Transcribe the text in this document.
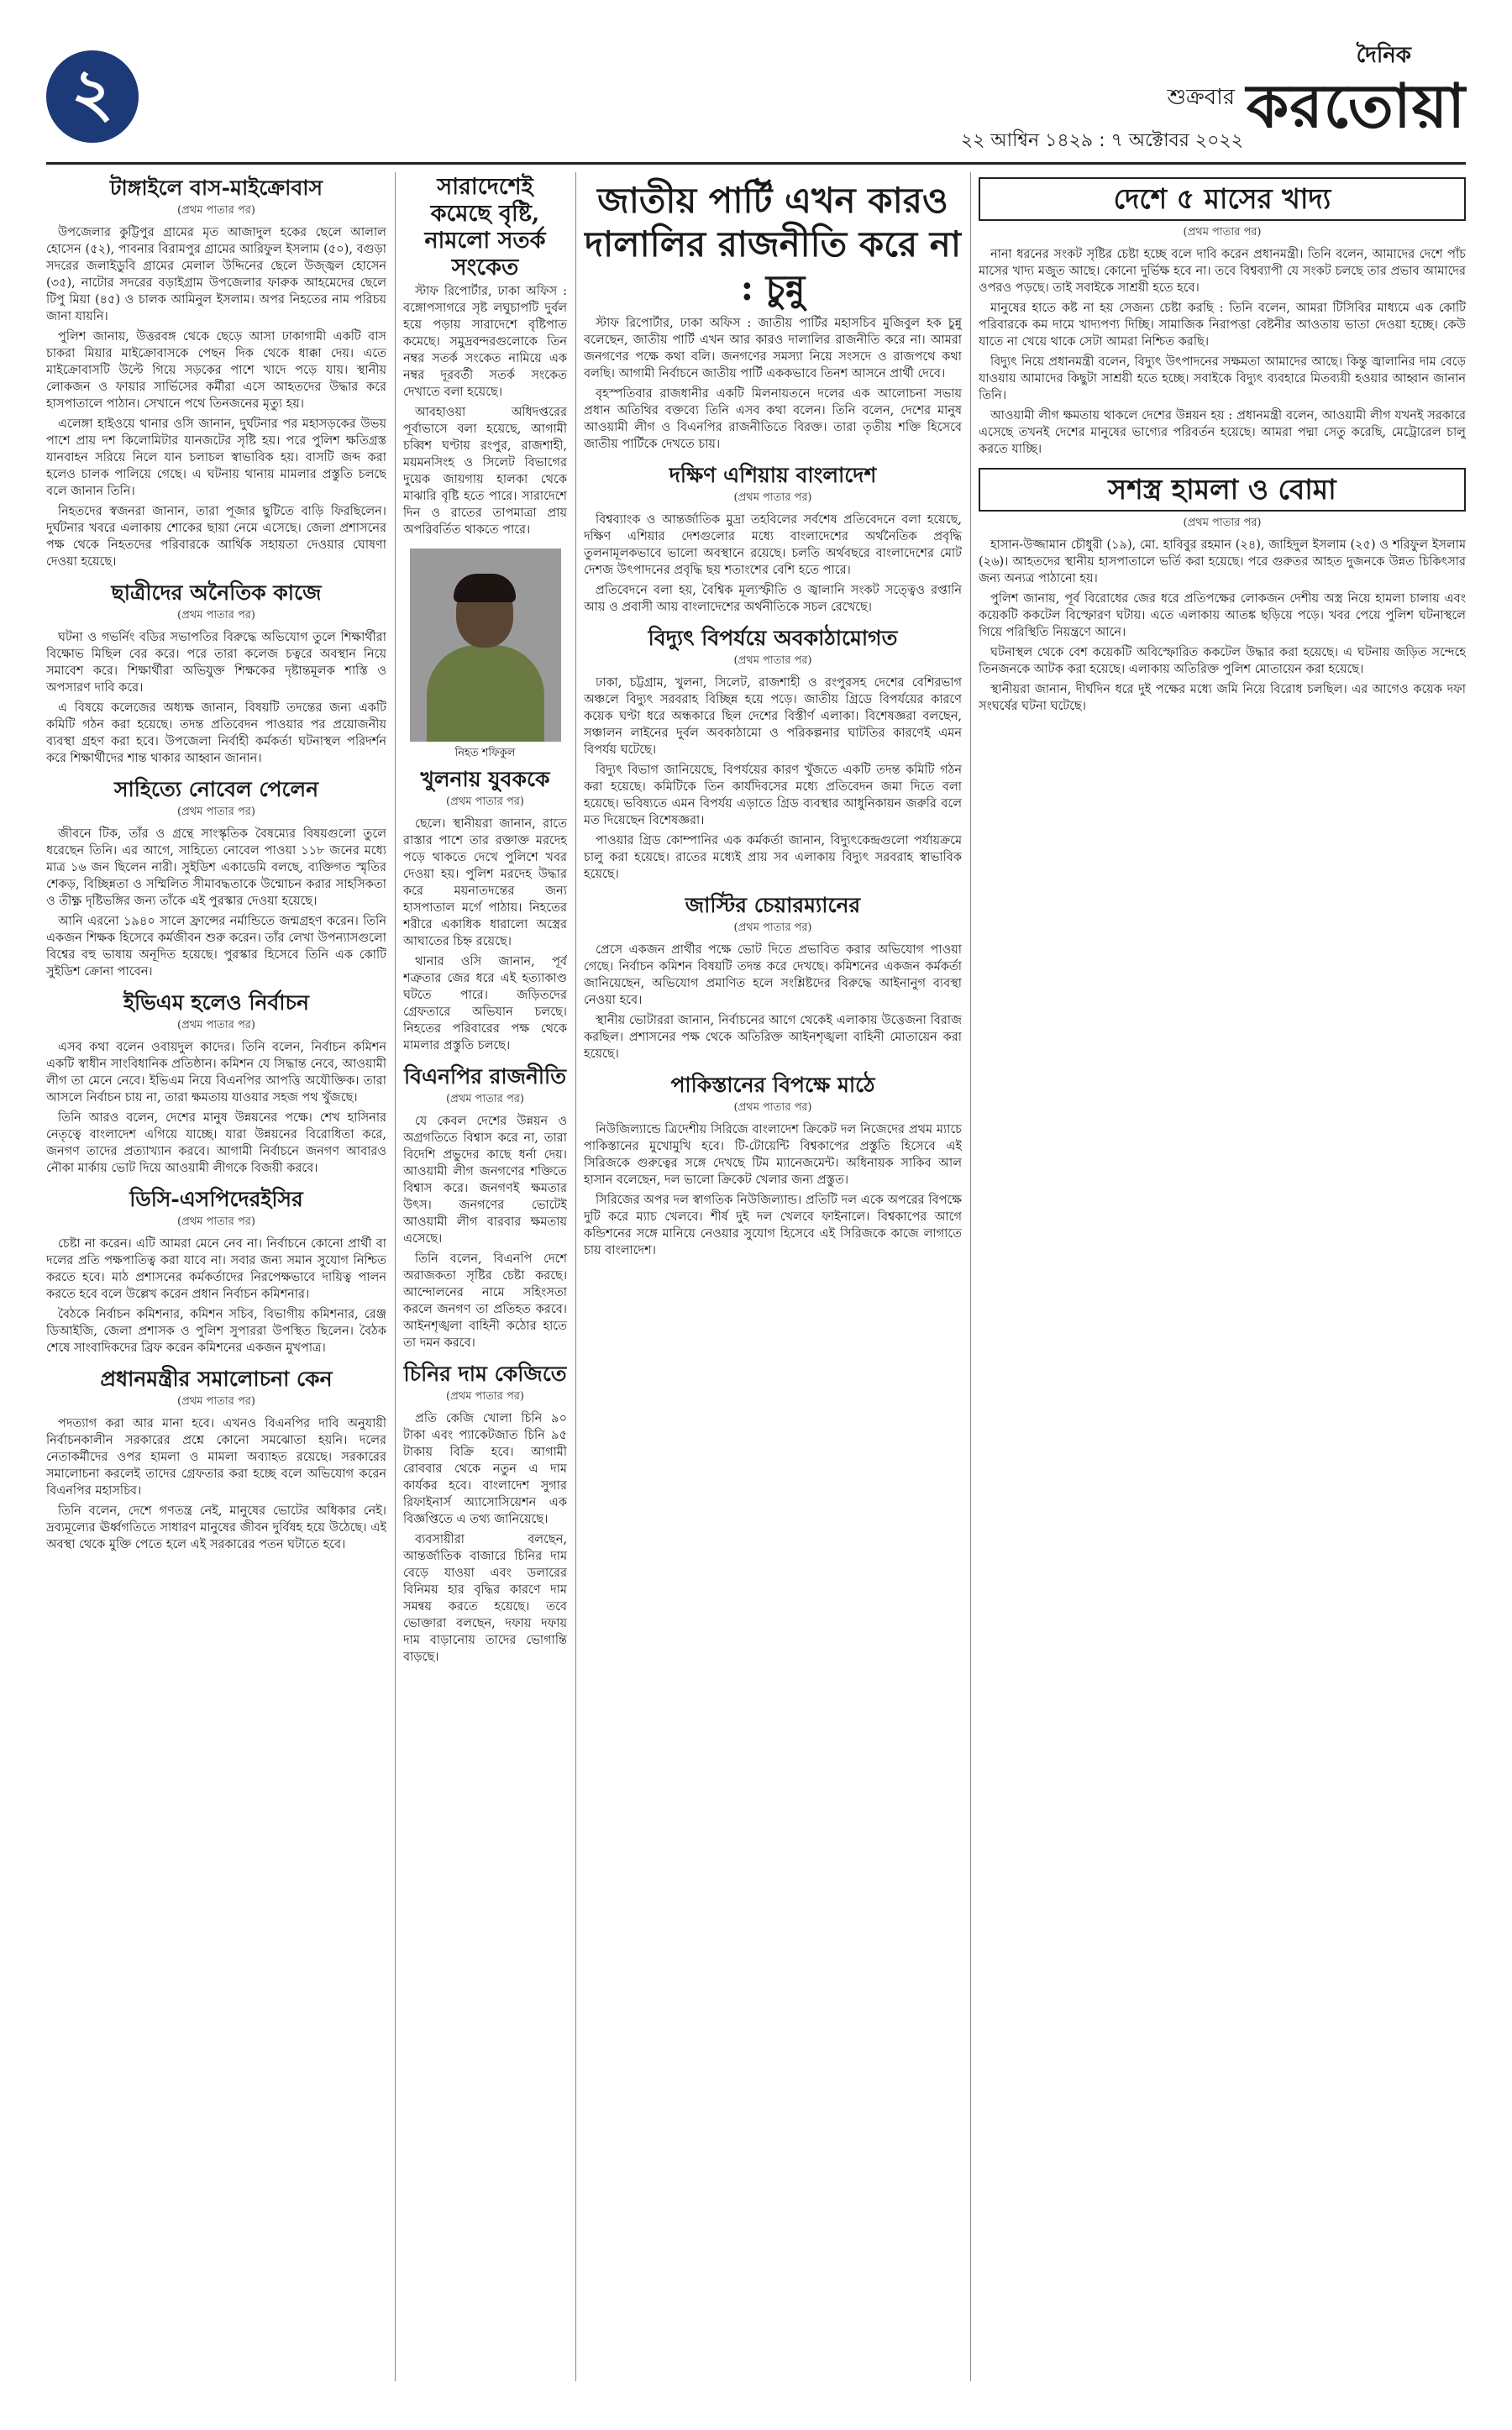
২	শুক্রবার
২২ আশ্বিন ১৪২৯ : ৭ অক্টোবর ২০২২
দৈনিক
করতোয়া
টাঙ্গাইলে বাস-মাইক্রোবাস
(প্রথম পাতার পর)

উপজেলার কুট্টিপুর গ্রামের মৃত আজাদুল হকের ছেলে আলাল হোসেন (৫২), পাবনার বিরামপুর গ্রামের আরিফুল ইসলাম (৫০), বগুড়া সদরের জলাইডুবি গ্রামের মেলাল উদ্দিনের ছেলে উজ্জ্বল হোসেন (৩৫), নাটোর সদরের বড়াইগ্রাম উপজেলার ফারুক আহমেদের ছেলে টিপু মিয়া (৪৫) ও চালক আমিনুল ইসলাম। অপর নিহতের নাম পরিচয় জানা যায়নি।

পুলিশ জানায়, উত্তরবঙ্গ থেকে ছেড়ে আসা ঢাকাগামী একটি বাস চাকরা মিয়ার মাইক্রোবাসকে পেছন দিক থেকে ধাক্কা দেয়। এতে মাইক্রোবাসটি উল্টে গিয়ে সড়কের পাশে খাদে পড়ে যায়। স্থানীয় লোকজন ও ফায়ার সার্ভিসের কর্মীরা এসে আহতদের উদ্ধার করে হাসপাতালে পাঠান। সেখানে পথে তিনজনের মৃত্যু হয়।

এলেঙ্গা হাইওয়ে থানার ওসি জানান, দুর্ঘটনার পর মহাসড়কের উভয় পাশে প্রায় দশ কিলোমিটার যানজটের সৃষ্টি হয়। পরে পুলিশ ক্ষতিগ্রস্ত যানবাহন সরিয়ে নিলে যান চলাচল স্বাভাবিক হয়। বাসটি জব্দ করা হলেও চালক পালিয়ে গেছে। এ ঘটনায় থানায় মামলার প্রস্তুতি চলছে বলে জানান তিনি।

নিহতদের স্বজনরা জানান, তারা পূজার ছুটিতে বাড়ি ফিরছিলেন। দুর্ঘটনার খবরে এলাকায় শোকের ছায়া নেমে এসেছে। জেলা প্রশাসনের পক্ষ থেকে নিহতদের পরিবারকে আর্থিক সহায়তা দেওয়ার ঘোষণা দেওয়া হয়েছে।

ছাত্রীদের অনৈতিক কাজে
(প্রথম পাতার পর)

ঘটনা ও গভর্নিং বডির সভাপতির বিরুদ্ধে অভিযোগ তুলে শিক্ষার্থীরা বিক্ষোভ মিছিল বের করে। পরে তারা কলেজ চত্বরে অবস্থান নিয়ে সমাবেশ করে। শিক্ষার্থীরা অভিযুক্ত শিক্ষকের দৃষ্টান্তমূলক শাস্তি ও অপসারণ দাবি করে।

এ বিষয়ে কলেজের অধ্যক্ষ জানান, বিষয়টি তদন্তের জন্য একটি কমিটি গঠন করা হয়েছে। তদন্ত প্রতিবেদন পাওয়ার পর প্রয়োজনীয় ব্যবস্থা গ্রহণ করা হবে। উপজেলা নির্বাহী কর্মকর্তা ঘটনাস্থল পরিদর্শন করে শিক্ষার্থীদের শান্ত থাকার আহ্বান জানান।

সাহিত্যে নোবেল পেলেন
(প্রথম পাতার পর)

জীবনে টিক, তাঁর ও গ্রন্থে সাংস্কৃতিক বৈষম্যের বিষয়গুলো তুলে ধরেছেন তিনি। এর আগে, সাহিত্যে নোবেল পাওয়া ১১৮ জনের মধ্যে মাত্র ১৬ জন ছিলেন নারী। সুইডিশ একাডেমি বলছে, ব্যক্তিগত স্মৃতির শেকড়, বিচ্ছিন্নতা ও সম্মিলিত সীমাবদ্ধতাকে উন্মোচন করার সাহসিকতা ও তীক্ষ্ণ দৃষ্টিভঙ্গির জন্য তাঁকে এই পুরস্কার দেওয়া হয়েছে।

আনি এরনো ১৯৪০ সালে ফ্রান্সের নর্মান্ডিতে জন্মগ্রহণ করেন। তিনি একজন শিক্ষক হিসেবে কর্মজীবন শুরু করেন। তাঁর লেখা উপন্যাসগুলো বিশ্বের বহু ভাষায় অনূদিত হয়েছে। পুরস্কার হিসেবে তিনি এক কোটি সুইডিশ ক্রোনা পাবেন।

ইভিএম হলেও নির্বাচন
(প্রথম পাতার পর)

এসব কথা বলেন ওবায়দুল কাদের। তিনি বলেন, নির্বাচন কমিশন একটি স্বাধীন সাংবিধানিক প্রতিষ্ঠান। কমিশন যে সিদ্ধান্ত নেবে, আওয়ামী লীগ তা মেনে নেবে। ইভিএম নিয়ে বিএনপির আপত্তি অযৌক্তিক। তারা আসলে নির্বাচন চায় না, তারা ক্ষমতায় যাওয়ার সহজ পথ খুঁজছে।

তিনি আরও বলেন, দেশের মানুষ উন্নয়নের পক্ষে। শেখ হাসিনার নেতৃত্বে বাংলাদেশ এগিয়ে যাচ্ছে। যারা উন্নয়নের বিরোধিতা করে, জনগণ তাদের প্রত্যাখ্যান করবে। আগামী নির্বাচনে জনগণ আবারও নৌকা মার্কায় ভোট দিয়ে আওয়ামী লীগকে বিজয়ী করবে।

ডিসি-এসপিদেরইসির
(প্রথম পাতার পর)

চেষ্টা না করেন। এটি আমরা মেনে নেব না। নির্বাচনে কোনো প্রার্থী বা দলের প্রতি পক্ষপাতিত্ব করা যাবে না। সবার জন্য সমান সুযোগ নিশ্চিত করতে হবে। মাঠ প্রশাসনের কর্মকর্তাদের নিরপেক্ষভাবে দায়িত্ব পালন করতে হবে বলে উল্লেখ করেন প্রধান নির্বাচন কমিশনার।

বৈঠকে নির্বাচন কমিশনার, কমিশন সচিব, বিভাগীয় কমিশনার, রেঞ্জ ডিআইজি, জেলা প্রশাসক ও পুলিশ সুপাররা উপস্থিত ছিলেন। বৈঠক শেষে সাংবাদিকদের ব্রিফ করেন কমিশনের একজন মুখপাত্র।

প্রধানমন্ত্রীর সমালোচনা কেন
(প্রথম পাতার পর)

পদত্যাগ করা আর মানা হবে। এখনও বিএনপির দাবি অনুযায়ী নির্বাচনকালীন সরকারের প্রশ্নে কোনো সমঝোতা হয়নি। দলের নেতাকর্মীদের ওপর হামলা ও মামলা অব্যাহত রয়েছে। সরকারের সমালোচনা করলেই তাদের গ্রেফতার করা হচ্ছে বলে অভিযোগ করেন বিএনপির মহাসচিব।

তিনি বলেন, দেশে গণতন্ত্র নেই, মানুষের ভোটের অধিকার নেই। দ্রব্যমূল্যের ঊর্ধ্বগতিতে সাধারণ মানুষের জীবন দুর্বিষহ হয়ে উঠেছে। এই অবস্থা থেকে মুক্তি পেতে হলে এই সরকারের পতন ঘটাতে হবে।

সারাদেশেই কমেছে বৃষ্টি, নামলো সতর্ক সংকেত

স্টাফ রিপোর্টার, ঢাকা অফিস : বঙ্গোপসাগরে সৃষ্ট লঘুচাপটি দুর্বল হয়ে পড়ায় সারাদেশে বৃষ্টিপাত কমেছে। সমুদ্রবন্দরগুলোকে তিন নম্বর সতর্ক সংকেত নামিয়ে এক নম্বর দূরবর্তী সতর্ক সংকেত দেখাতে বলা হয়েছে।

আবহাওয়া অধিদপ্তরের পূর্বাভাসে বলা হয়েছে, আগামী চব্বিশ ঘণ্টায় রংপুর, রাজশাহী, ময়মনসিংহ ও সিলেট বিভাগের দুয়েক জায়গায় হালকা থেকে মাঝারি বৃষ্টি হতে পারে। সারাদেশে দিন ও রাতের তাপমাত্রা প্রায় অপরিবর্তিত থাকতে পারে।

নিহত শফিকুল
খুলনায় যুবককে
(প্রথম পাতার পর)

ছেলে। স্থানীয়রা জানান, রাতে রাস্তার পাশে তার রক্তাক্ত মরদেহ পড়ে থাকতে দেখে পুলিশে খবর দেওয়া হয়। পুলিশ মরদেহ উদ্ধার করে ময়নাতদন্তের জন্য হাসপাতাল মর্গে পাঠায়। নিহতের শরীরে একাধিক ধারালো অস্ত্রের আঘাতের চিহ্ন রয়েছে।

থানার ওসি জানান, পূর্ব শত্রুতার জের ধরে এই হত্যাকাণ্ড ঘটতে পারে। জড়িতদের গ্রেফতারে অভিযান চলছে। নিহতের পরিবারের পক্ষ থেকে মামলার প্রস্তুতি চলছে।

বিএনপির রাজনীতি
(প্রথম পাতার পর)

যে কেবল দেশের উন্নয়ন ও অগ্রগতিতে বিশ্বাস করে না, তারা বিদেশি প্রভুদের কাছে ধর্না দেয়। আওয়ামী লীগ জনগণের শক্তিতে বিশ্বাস করে। জনগণই ক্ষমতার উৎস। জনগণের ভোটেই আওয়ামী লীগ বারবার ক্ষমতায় এসেছে।

তিনি বলেন, বিএনপি দেশে অরাজকতা সৃষ্টির চেষ্টা করছে। আন্দোলনের নামে সহিংসতা করলে জনগণ তা প্রতিহত করবে। আইনশৃঙ্খলা বাহিনী কঠোর হাতে তা দমন করবে।

চিনির দাম কেজিতে
(প্রথম পাতার পর)

প্রতি কেজি খোলা চিনি ৯০ টাকা এবং প্যাকেটজাত চিনি ৯৫ টাকায় বিক্রি হবে। আগামী রোববার থেকে নতুন এ দাম কার্যকর হবে। বাংলাদেশ সুগার রিফাইনার্স অ্যাসোসিয়েশন এক বিজ্ঞপ্তিতে এ তথ্য জানিয়েছে।

ব্যবসায়ীরা বলছেন, আন্তর্জাতিক বাজারে চিনির দাম বেড়ে যাওয়া এবং ডলারের বিনিময় হার বৃদ্ধির কারণে দাম সমন্বয় করতে হয়েছে। তবে ভোক্তারা বলছেন, দফায় দফায় দাম বাড়ানোয় তাদের ভোগান্তি বাড়ছে।

জাতীয় পার্টি এখন কারও দালালির রাজনীতি করে না : চুন্নু

স্টাফ রিপোর্টার, ঢাকা অফিস : জাতীয় পার্টির মহাসচিব মুজিবুল হক চুন্নু বলেছেন, জাতীয় পার্টি এখন আর কারও দালালির রাজনীতি করে না। আমরা জনগণের পক্ষে কথা বলি। জনগণের সমস্যা নিয়ে সংসদে ও রাজপথে কথা বলছি। আগামী নির্বাচনে জাতীয় পার্টি এককভাবে তিনশ আসনে প্রার্থী দেবে।

বৃহস্পতিবার রাজধানীর একটি মিলনায়তনে দলের এক আলোচনা সভায় প্রধান অতিথির বক্তব্যে তিনি এসব কথা বলেন। তিনি বলেন, দেশের মানুষ আওয়ামী লীগ ও বিএনপির রাজনীতিতে বিরক্ত। তারা তৃতীয় শক্তি হিসেবে জাতীয় পার্টিকে দেখতে চায়।

দক্ষিণ এশিয়ায় বাংলাদেশ
(প্রথম পাতার পর)

বিশ্বব্যাংক ও আন্তর্জাতিক মুদ্রা তহবিলের সর্বশেষ প্রতিবেদনে বলা হয়েছে, দক্ষিণ এশিয়ার দেশগুলোর মধ্যে বাংলাদেশের অর্থনৈতিক প্রবৃদ্ধি তুলনামূলকভাবে ভালো অবস্থানে রয়েছে। চলতি অর্থবছরে বাংলাদেশের মোট দেশজ উৎপাদনের প্রবৃদ্ধি ছয় শতাংশের বেশি হতে পারে।

প্রতিবেদনে বলা হয়, বৈশ্বিক মূল্যস্ফীতি ও জ্বালানি সংকট সত্ত্বেও রপ্তানি আয় ও প্রবাসী আয় বাংলাদেশের অর্থনীতিকে সচল রেখেছে।

বিদ্যুৎ বিপর্যয়ে অবকাঠামোগত
(প্রথম পাতার পর)

ঢাকা, চট্টগ্রাম, খুলনা, সিলেট, রাজশাহী ও রংপুরসহ দেশের বেশিরভাগ অঞ্চলে বিদ্যুৎ সরবরাহ বিচ্ছিন্ন হয়ে পড়ে। জাতীয় গ্রিডে বিপর্যয়ের কারণে কয়েক ঘণ্টা ধরে অন্ধকারে ছিল দেশের বিস্তীর্ণ এলাকা। বিশেষজ্ঞরা বলছেন, সঞ্চালন লাইনের দুর্বল অবকাঠামো ও পরিকল্পনার ঘাটতির কারণেই এমন বিপর্যয় ঘটেছে।

বিদ্যুৎ বিভাগ জানিয়েছে, বিপর্যয়ের কারণ খুঁজতে একটি তদন্ত কমিটি গঠন করা হয়েছে। কমিটিকে তিন কার্যদিবসের মধ্যে প্রতিবেদন জমা দিতে বলা হয়েছে। ভবিষ্যতে এমন বিপর্যয় এড়াতে গ্রিড ব্যবস্থার আধুনিকায়ন জরুরি বলে মত দিয়েছেন বিশেষজ্ঞরা।

পাওয়ার গ্রিড কোম্পানির এক কর্মকর্তা জানান, বিদ্যুৎকেন্দ্রগুলো পর্যায়ক্রমে চালু করা হয়েছে। রাতের মধ্যেই প্রায় সব এলাকায় বিদ্যুৎ সরবরাহ স্বাভাবিক হয়েছে।

জাস্টির চেয়ারম্যানের
(প্রথম পাতার পর)

প্রেসে একজন প্রার্থীর পক্ষে ভোট দিতে প্রভাবিত করার অভিযোগ পাওয়া গেছে। নির্বাচন কমিশন বিষয়টি তদন্ত করে দেখছে। কমিশনের একজন কর্মকর্তা জানিয়েছেন, অভিযোগ প্রমাণিত হলে সংশ্লিষ্টদের বিরুদ্ধে আইনানুগ ব্যবস্থা নেওয়া হবে।

স্থানীয় ভোটাররা জানান, নির্বাচনের আগে থেকেই এলাকায় উত্তেজনা বিরাজ করছিল। প্রশাসনের পক্ষ থেকে অতিরিক্ত আইনশৃঙ্খলা বাহিনী মোতায়েন করা হয়েছে।

পাকিস্তানের বিপক্ষে মাঠে
(প্রথম পাতার পর)

নিউজিল্যান্ডে ত্রিদেশীয় সিরিজে বাংলাদেশ ক্রিকেট দল নিজেদের প্রথম ম্যাচে পাকিস্তানের মুখোমুখি হবে। টি-টোয়েন্টি বিশ্বকাপের প্রস্তুতি হিসেবে এই সিরিজকে গুরুত্বের সঙ্গে দেখছে টিম ম্যানেজমেন্ট। অধিনায়ক সাকিব আল হাসান বলেছেন, দল ভালো ক্রিকেট খেলার জন্য প্রস্তুত।

সিরিজের অপর দল স্বাগতিক নিউজিল্যান্ড। প্রতিটি দল একে অপরের বিপক্ষে দুটি করে ম্যাচ খেলবে। শীর্ষ দুই দল খেলবে ফাইনালে। বিশ্বকাপের আগে কন্ডিশনের সঙ্গে মানিয়ে নেওয়ার সুযোগ হিসেবে এই সিরিজকে কাজে লাগাতে চায় বাংলাদেশ।

দেশে ৫ মাসের খাদ্য
(প্রথম পাতার পর)

নানা ধরনের সংকট সৃষ্টির চেষ্টা হচ্ছে বলে দাবি করেন প্রধানমন্ত্রী। তিনি বলেন, আমাদের দেশে পাঁচ মাসের খাদ্য মজুত আছে। কোনো দুর্ভিক্ষ হবে না। তবে বিশ্বব্যাপী যে সংকট চলছে তার প্রভাব আমাদের ওপরও পড়ছে। তাই সবাইকে সাশ্রয়ী হতে হবে।

মানুষের হাতে কষ্ট না হয় সেজন্য চেষ্টা করছি : তিনি বলেন, আমরা টিসিবির মাধ্যমে এক কোটি পরিবারকে কম দামে খাদ্যপণ্য দিচ্ছি। সামাজিক নিরাপত্তা বেষ্টনীর আওতায় ভাতা দেওয়া হচ্ছে। কেউ যাতে না খেয়ে থাকে সেটা আমরা নিশ্চিত করছি।

বিদ্যুৎ নিয়ে প্রধানমন্ত্রী বলেন, বিদ্যুৎ উৎপাদনের সক্ষমতা আমাদের আছে। কিন্তু জ্বালানির দাম বেড়ে যাওয়ায় আমাদের কিছুটা সাশ্রয়ী হতে হচ্ছে। সবাইকে বিদ্যুৎ ব্যবহারে মিতব্যয়ী হওয়ার আহ্বান জানান তিনি।

আওয়ামী লীগ ক্ষমতায় থাকলে দেশের উন্নয়ন হয় : প্রধানমন্ত্রী বলেন, আওয়ামী লীগ যখনই সরকারে এসেছে তখনই দেশের মানুষের ভাগ্যের পরিবর্তন হয়েছে। আমরা পদ্মা সেতু করেছি, মেট্রোরেল চালু করতে যাচ্ছি।

সশস্ত্র হামলা ও বোমা
(প্রথম পাতার পর)

হাসান-উজ্জামান চৌধুরী (১৯), মো. হাবিবুর রহমান (২৪), জাহিদুল ইসলাম (২৫) ও শরিফুল ইসলাম (২৬)। আহতদের স্থানীয় হাসপাতালে ভর্তি করা হয়েছে। পরে গুরুতর আহত দুজনকে উন্নত চিকিৎসার জন্য অন্যত্র পাঠানো হয়।

পুলিশ জানায়, পূর্ব বিরোধের জের ধরে প্রতিপক্ষের লোকজন দেশীয় অস্ত্র নিয়ে হামলা চালায় এবং কয়েকটি ককটেল বিস্ফোরণ ঘটায়। এতে এলাকায় আতঙ্ক ছড়িয়ে পড়ে। খবর পেয়ে পুলিশ ঘটনাস্থলে গিয়ে পরিস্থিতি নিয়ন্ত্রণে আনে।

ঘটনাস্থল থেকে বেশ কয়েকটি অবিস্ফোরিত ককটেল উদ্ধার করা হয়েছে। এ ঘটনায় জড়িত সন্দেহে তিনজনকে আটক করা হয়েছে। এলাকায় অতিরিক্ত পুলিশ মোতায়েন করা হয়েছে।

স্থানীয়রা জানান, দীর্ঘদিন ধরে দুই পক্ষের মধ্যে জমি নিয়ে বিরোধ চলছিল। এর আগেও কয়েক দফা সংঘর্ষের ঘটনা ঘটেছে।
